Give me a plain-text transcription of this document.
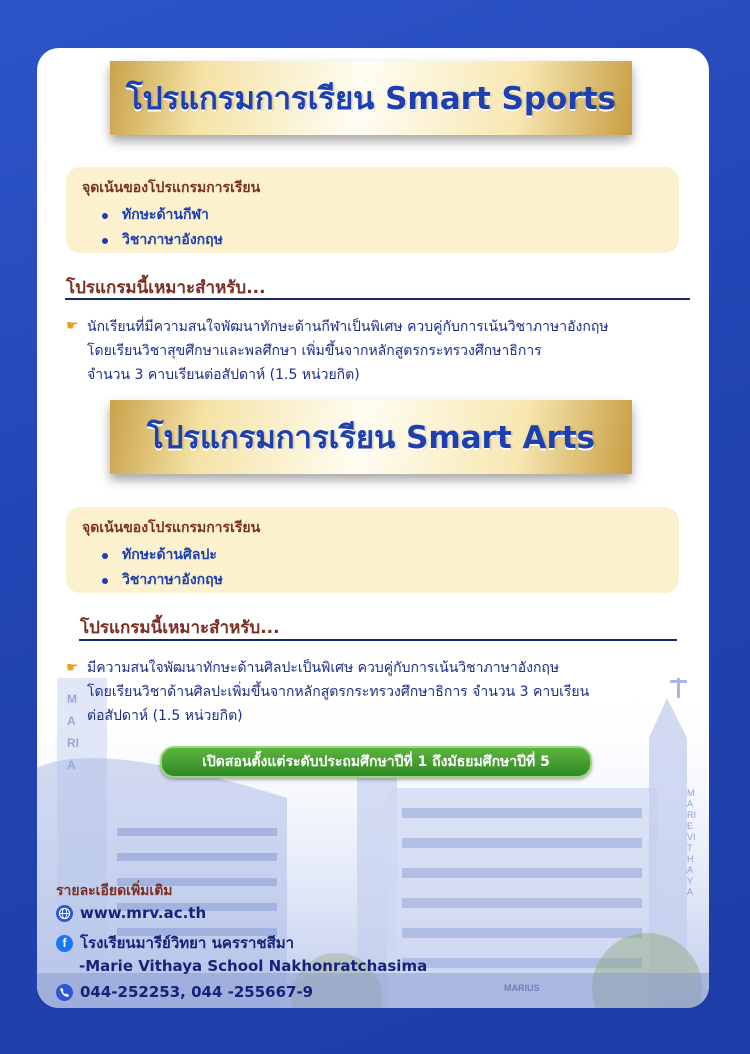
MARIA
MARIEVITHAYA
MARIUS
โปรแกรมการเรียน Smart Sports
จุดเน้นของโปรแกรมการเรียน
ทักษะด้านกีฬา
วิชาภาษาอังกฤษ
โปรแกรมนี้เหมาะสำหรับ...
☛ นักเรียนที่มีความสนใจพัฒนาทักษะด้านกีฬาเป็นพิเศษ ควบคู่กับการเน้นวิชาภาษาอังกฤษ
โดยเรียนวิชาสุขศึกษาและพลศึกษา เพิ่มขึ้นจากหลักสูตรกระทรวงศึกษาธิการ
จำนวน 3 คาบเรียนต่อสัปดาห์ (1.5 หน่วยกิต)
โปรแกรมการเรียน Smart Arts
จุดเน้นของโปรแกรมการเรียน
ทักษะด้านศิลปะ
วิชาภาษาอังกฤษ
โปรแกรมนี้เหมาะสำหรับ...
☛ มีความสนใจพัฒนาทักษะด้านศิลปะเป็นพิเศษ ควบคู่กับการเน้นวิชาภาษาอังกฤษ
โดยเรียนวิชาด้านศิลปะเพิ่มขึ้นจากหลักสูตรกระทรวงศึกษาธิการ จำนวน 3 คาบเรียน
ต่อสัปดาห์ (1.5 หน่วยกิต)
เปิดสอนตั้งแต่ระดับประถมศึกษาปีที่ 1 ถึงมัธยมศึกษาปีที่ 5
รายละเอียดเพิ่มเติม
www.mrv.ac.th
f โรงเรียนมารีย์วิทยา นครราชสีมา
-Marie Vithaya School Nakhonratchasima
044-252253, 044 -255667-9
